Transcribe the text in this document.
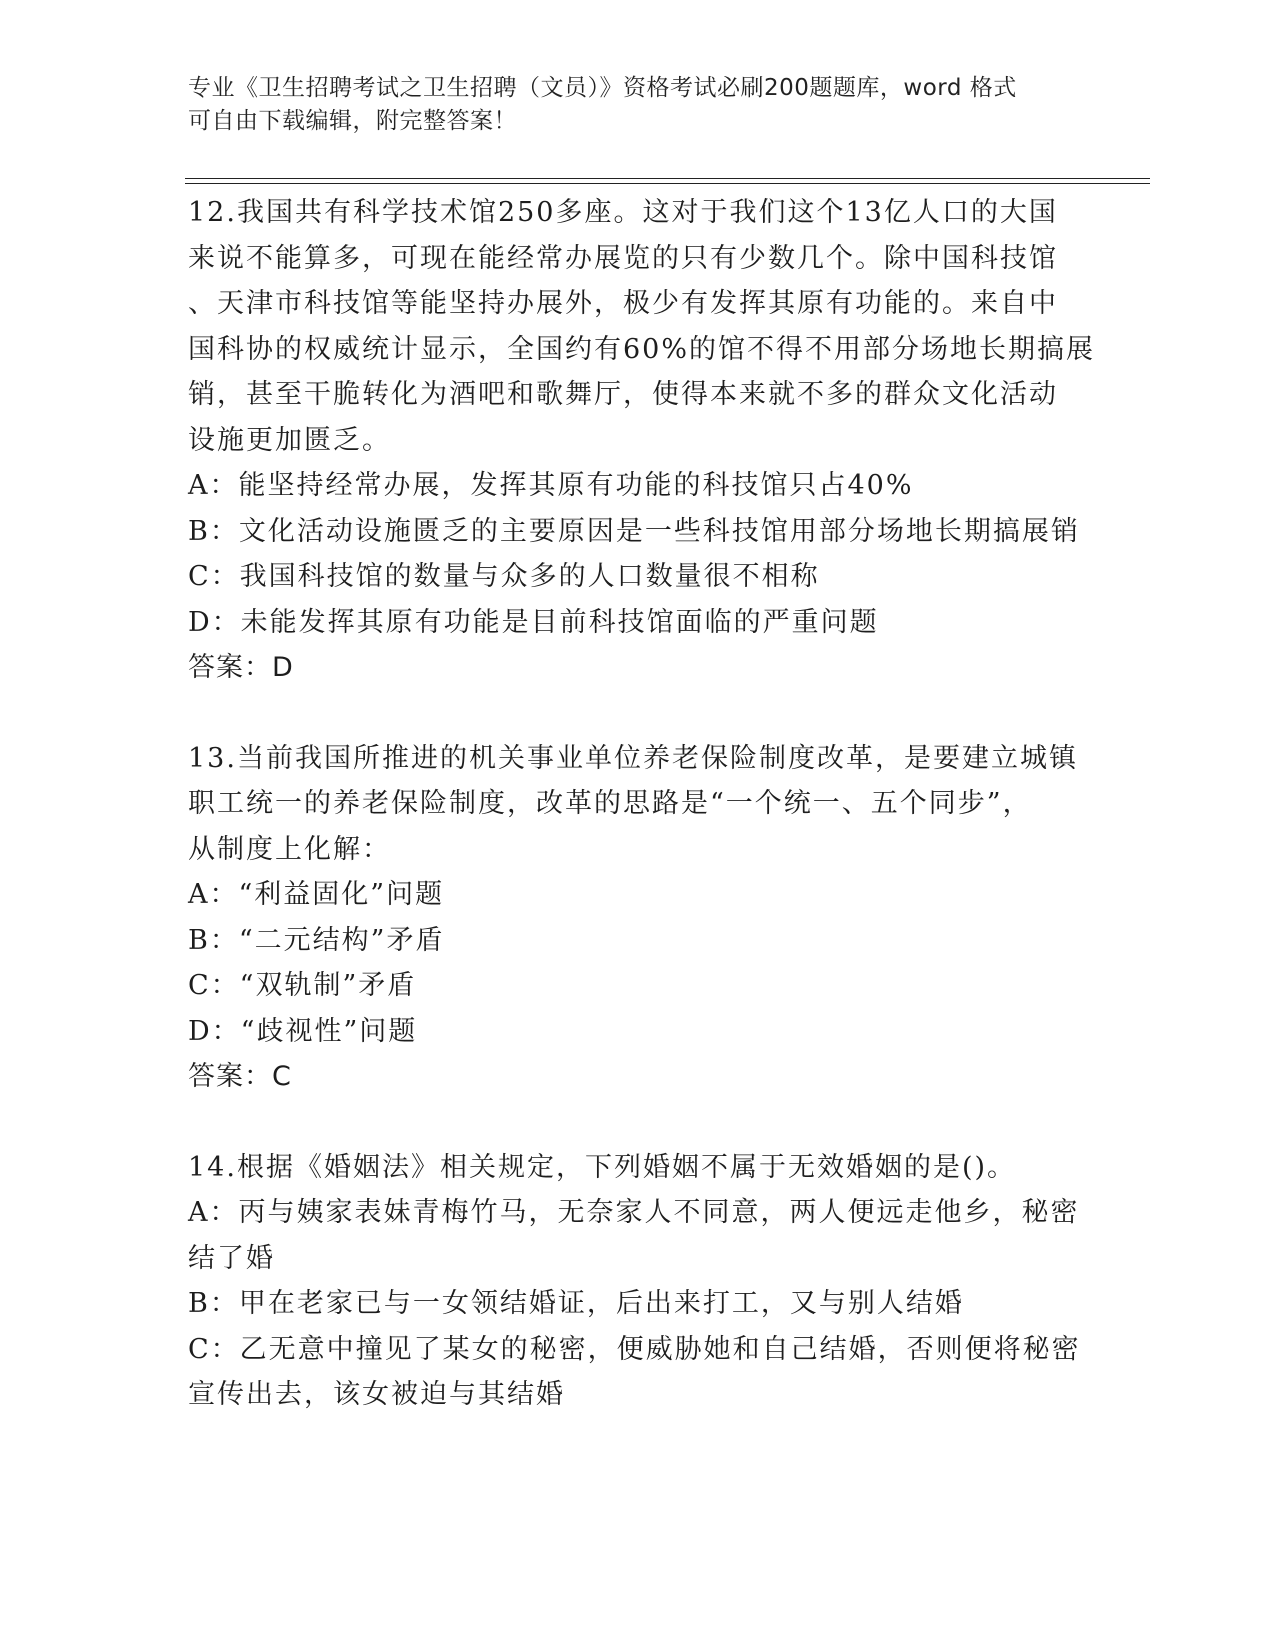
专业《卫生招聘考试之卫生招聘（文员）》资格考试必刷200题题库，word 格式
可自由下载编辑，附完整答案！
12.我国共有科学技术馆250多座。这对于我们这个13亿人口的大国
来说不能算多，可现在能经常办展览的只有少数几个。除中国科技馆
、天津市科技馆等能坚持办展外，极少有发挥其原有功能的。来自中
国科协的权威统计显示，全国约有60%的馆不得不用部分场地长期搞展
销，甚至干脆转化为酒吧和歌舞厅，使得本来就不多的群众文化活动
设施更加匮乏。
A：能坚持经常办展，发挥其原有功能的科技馆只占40%
B：文化活动设施匮乏的主要原因是一些科技馆用部分场地长期搞展销
C：我国科技馆的数量与众多的人口数量很不相称
D：未能发挥其原有功能是目前科技馆面临的严重问题
答案：D
13.当前我国所推进的机关事业单位养老保险制度改革，是要建立城镇
职工统一的养老保险制度，改革的思路是“一个统一、五个同步”，
从制度上化解：
A：“利益固化”问题
B：“二元结构”矛盾
C：“双轨制”矛盾
D：“歧视性”问题
答案：C
14.根据《婚姻法》相关规定，下列婚姻不属于无效婚姻的是()。
A：丙与姨家表妹青梅竹马，无奈家人不同意，两人便远走他乡，秘密
结了婚
B：甲在老家已与一女领结婚证，后出来打工，又与别人结婚
C：乙无意中撞见了某女的秘密，便威胁她和自己结婚，否则便将秘密
宣传出去，该女被迫与其结婚
